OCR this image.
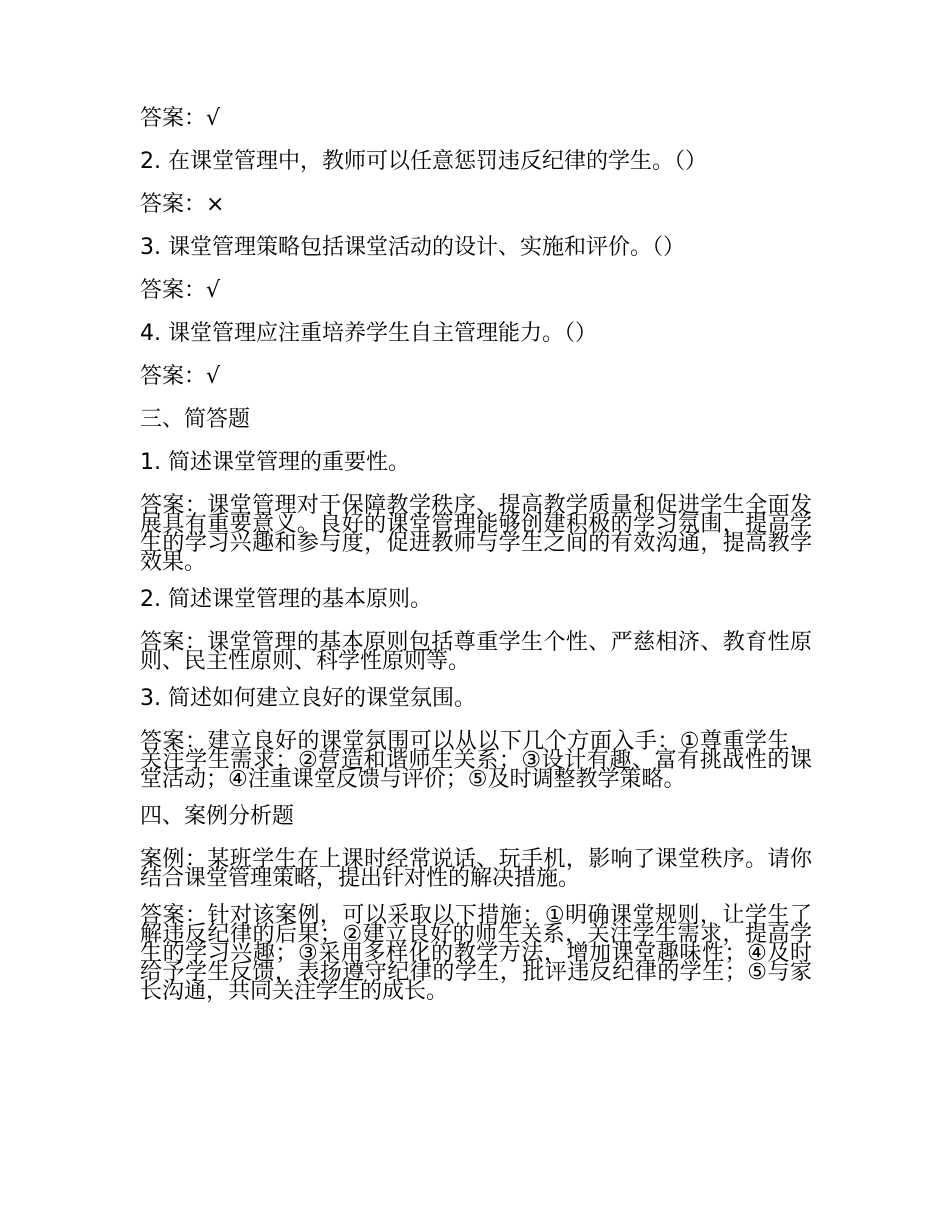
答案：√
2. 在课堂管理中，教师可以任意惩罚违反纪律的学生。（）
答案：×
3. 课堂管理策略包括课堂活动的设计、实施和评价。（）
答案：√
4. 课堂管理应注重培养学生自主管理能力。（）
答案：√
三、简答题
1. 简述课堂管理的重要性。
答案：课堂管理对于保障教学秩序、提高教学质量和促进学生全面发展具有重要意义。良好的课堂管理能够创建积极的学习氛围，提高学生的学习兴趣和参与度，促进教师与学生之间的有效沟通，提高教学效果。
2. 简述课堂管理的基本原则。
答案：课堂管理的基本原则包括尊重学生个性、严慈相济、教育性原则、民主性原则、科学性原则等。
3. 简述如何建立良好的课堂氛围。
答案：建立良好的课堂氛围可以从以下几个方面入手：①尊重学生，关注学生需求；②营造和谐师生关系；③设计有趣、富有挑战性的课堂活动；④注重课堂反馈与评价；⑤及时调整教学策略。
四、案例分析题
案例：某班学生在上课时经常说话、玩手机，影响了课堂秩序。请你结合课堂管理策略，提出针对性的解决措施。
答案：针对该案例，可以采取以下措施：①明确课堂规则，让学生了解违反纪律的后果；②建立良好的师生关系，关注学生需求，提高学生的学习兴趣；③采用多样化的教学方法，增加课堂趣味性；④及时给予学生反馈，表扬遵守纪律的学生，批评违反纪律的学生；⑤与家长沟通，共同关注学生的成长。
